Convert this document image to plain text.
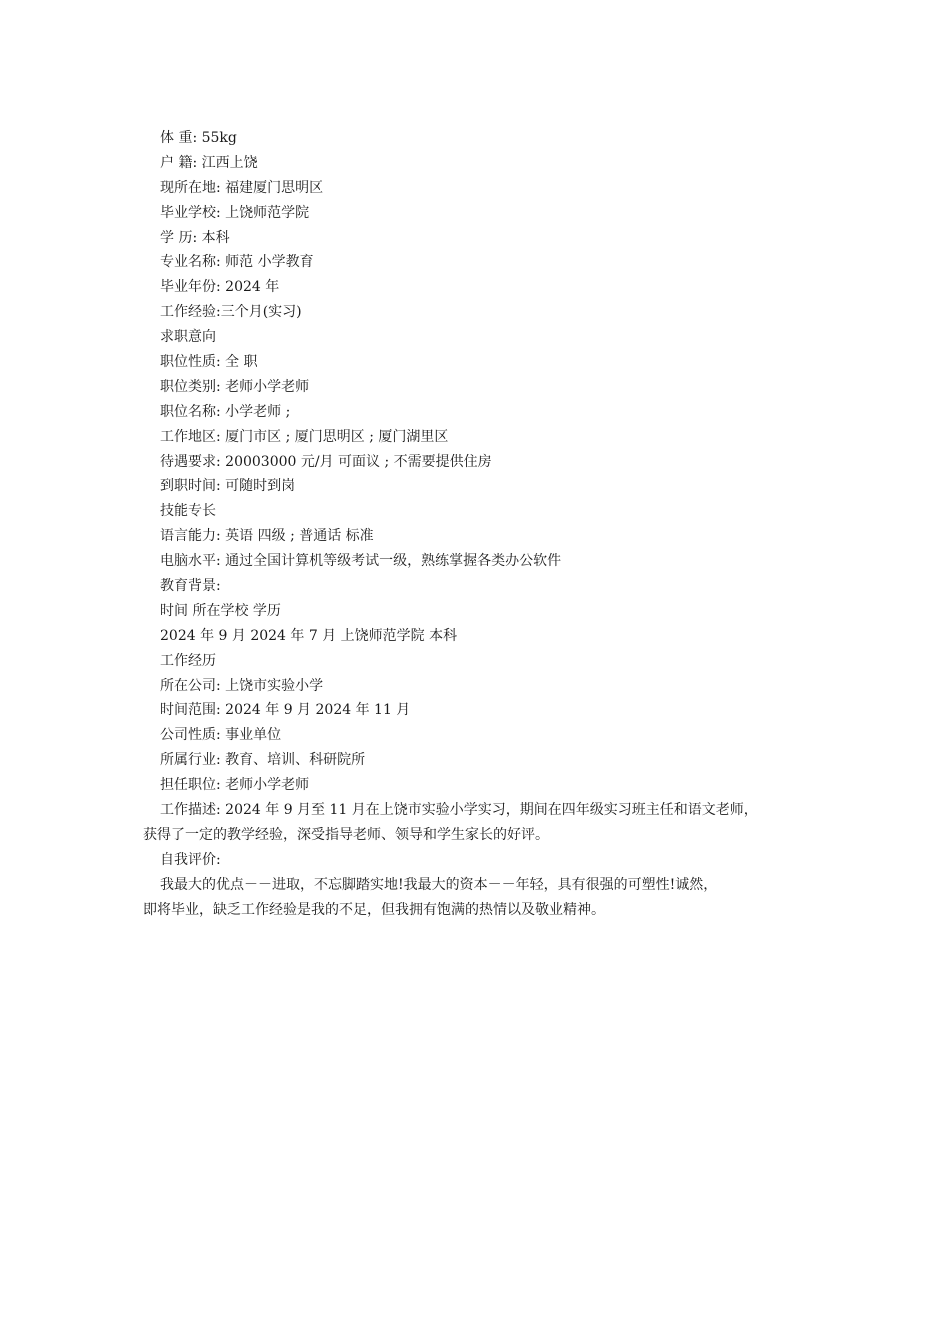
体 重: 55kg
户 籍: 江西上饶
现所在地: 福建厦门思明区
毕业学校: 上饶师范学院
学 历: 本科
专业名称: 师范 小学教育
毕业年份: 2024 年
工作经验:三个月(实习)
求职意向
职位性质: 全 职
职位类别: 老师小学老师
职位名称: 小学老师 ;
工作地区: 厦门市区 ; 厦门思明区 ; 厦门湖里区
待遇要求: 20003000 元/月 可面议 ; 不需要提供住房
到职时间: 可随时到岗
技能专长
语言能力: 英语 四级 ; 普通话 标准
电脑水平: 通过全国计算机等级考试一级，熟练掌握各类办公软件
教育背景:
时间 所在学校 学历
2024 年 9 月 2024 年 7 月 上饶师范学院 本科
工作经历
所在公司: 上饶市实验小学
时间范围: 2024 年 9 月 2024 年 11 月
公司性质: 事业单位
所属行业: 教育、培训、科研院所
担任职位: 老师小学老师
工作描述: 2024 年 9 月至 11 月在上饶市实验小学实习，期间在四年级实习班主任和语文老师，
获得了一定的教学经验，深受指导老师、领导和学生家长的好评。
自我评价:
我最大的优点－－进取，不忘脚踏实地!我最大的资本－－年轻，具有很强的可塑性!诚然，
即将毕业，缺乏工作经验是我的不足，但我拥有饱满的热情以及敬业精神。
